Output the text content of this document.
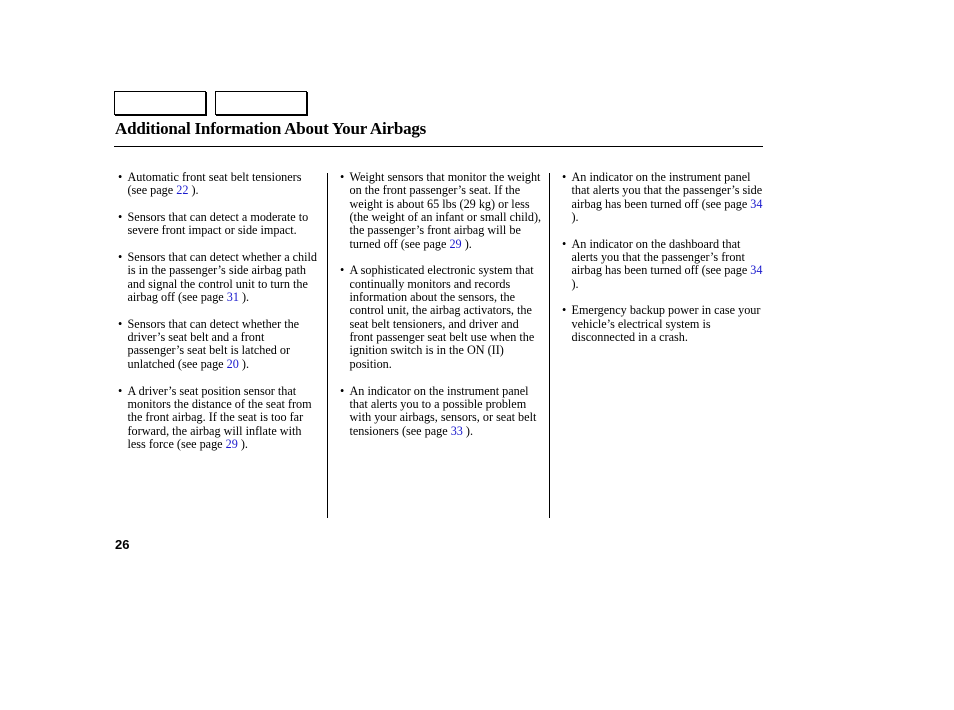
Additional Information About Your Airbags
• Automatic front seat belt tensioners (see page 22 ).
• Sensors that can detect a moderate to severe front impact or side impact.
• Sensors that can detect whether a child is in the passenger’s side airbag path and signal the control unit to turn the airbag off (see page 31 ).
• Sensors that can detect whether the driver’s seat belt and a front passenger’s seat belt is latched or unlatched (see page 20 ).
• A driver’s seat position sensor that monitors the distance of the seat from the front airbag. If the seat is too far forward, the airbag will inflate with less force (see page 29 ).
• Weight sensors that monitor the weight on the front passenger’s seat. If the weight is about 65 lbs (29 kg) or less (the weight of an infant or small child), the passenger’s front airbag will be turned off (see page 29 ).
• A sophisticated electronic system that continually monitors and records information about the sensors, the control unit, the airbag activators, the seat belt tensioners, and driver and front passenger seat belt use when the ignition switch is in the ON (II) position.
• An indicator on the instrument panel that alerts you to a possible problem with your airbags, sensors, or seat belt tensioners (see page 33 ).
• An indicator on the instrument panel that alerts you that the passenger’s side airbag has been turned off (see page 34 ).
• An indicator on the dashboard that alerts you that the passenger’s front airbag has been turned off (see page 34 ).
• Emergency backup power in case your vehicle’s electrical system is disconnected in a crash.
26
